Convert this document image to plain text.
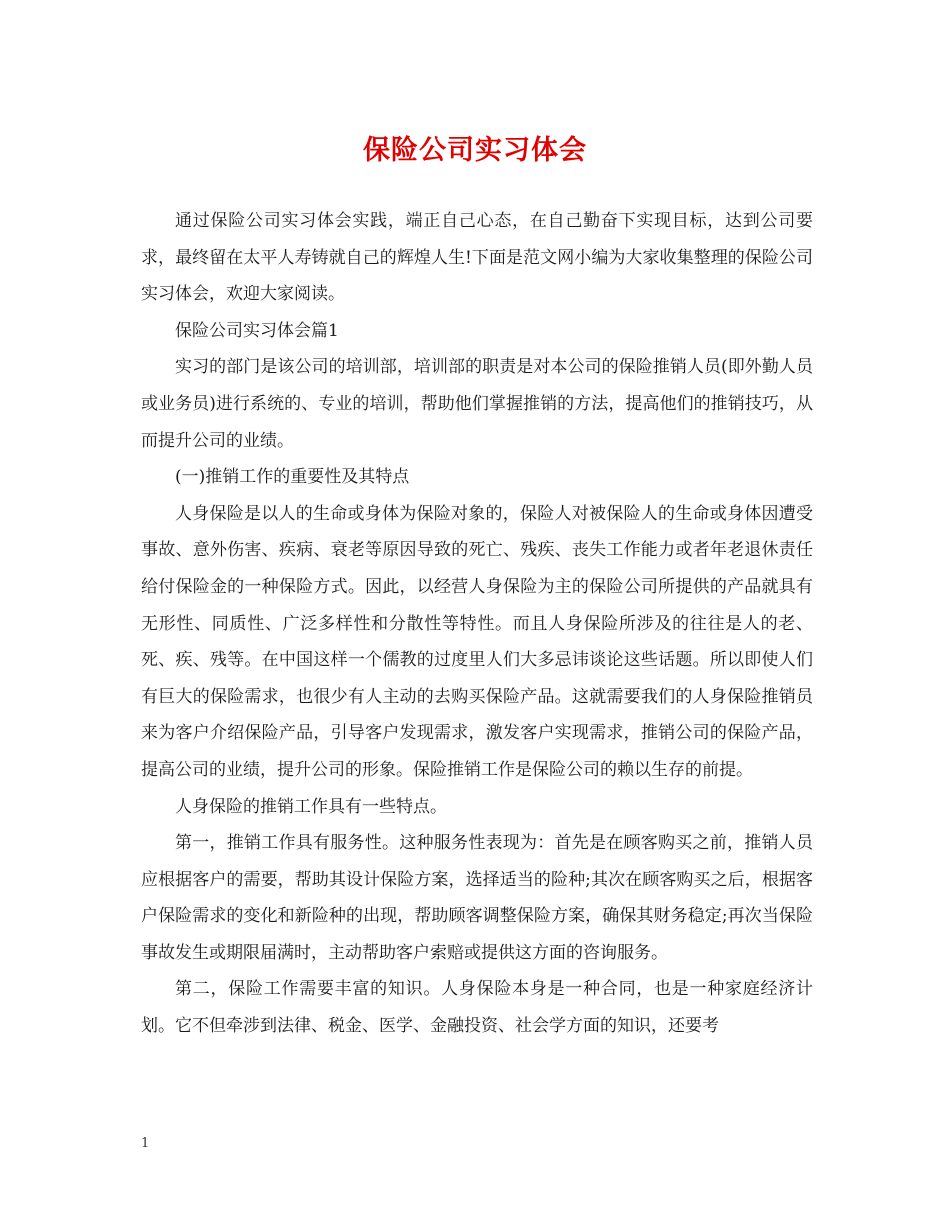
保险公司实习体会

通过保险公司实习体会实践，端正自己心态，在自己勤奋下实现目标，达到公司要求，最终留在太平人寿铸就自己的辉煌人生!下面是范文网小编为大家收集整理的保险公司实习体会，欢迎大家阅读。

保险公司实习体会篇1

实习的部门是该公司的培训部，培训部的职责是对本公司的保险推销人员(即外勤人员或业务员)进行系统的、专业的培训，帮助他们掌握推销的方法，提高他们的推销技巧，从而提升公司的业绩。

(一)推销工作的重要性及其特点

人身保险是以人的生命或身体为保险对象的，保险人对被保险人的生命或身体因遭受事故、意外伤害、疾病、衰老等原因导致的死亡、残疾、丧失工作能力或者年老退休责任给付保险金的一种保险方式。因此，以经营人身保险为主的保险公司所提供的产品就具有无形性、同质性、广泛多样性和分散性等特性。而且人身保险所涉及的往往是人的老、死、疾、残等。在中国这样一个儒教的过度里人们大多忌讳谈论这些话题。所以即使人们有巨大的保险需求，也很少有人主动的去购买保险产品。这就需要我们的人身保险推销员来为客户介绍保险产品，引导客户发现需求，激发客户实现需求，推销公司的保险产品，提高公司的业绩，提升公司的形象。保险推销工作是保险公司的赖以生存的前提。

人身保险的推销工作具有一些特点。

第一，推销工作具有服务性。这种服务性表现为：首先是在顾客购买之前，推销人员应根据客户的需要，帮助其设计保险方案，选择适当的险种;其次在顾客购买之后，根据客户保险需求的变化和新险种的出现，帮助顾客调整保险方案，确保其财务稳定;再次当保险事故发生或期限届满时，主动帮助客户索赔或提供这方面的咨询服务。

第二，保险工作需要丰富的知识。人身保险本身是一种合同，也是一种家庭经济计划。它不但牵涉到法律、税金、医学、金融投资、社会学方面的知识，还要考

1
